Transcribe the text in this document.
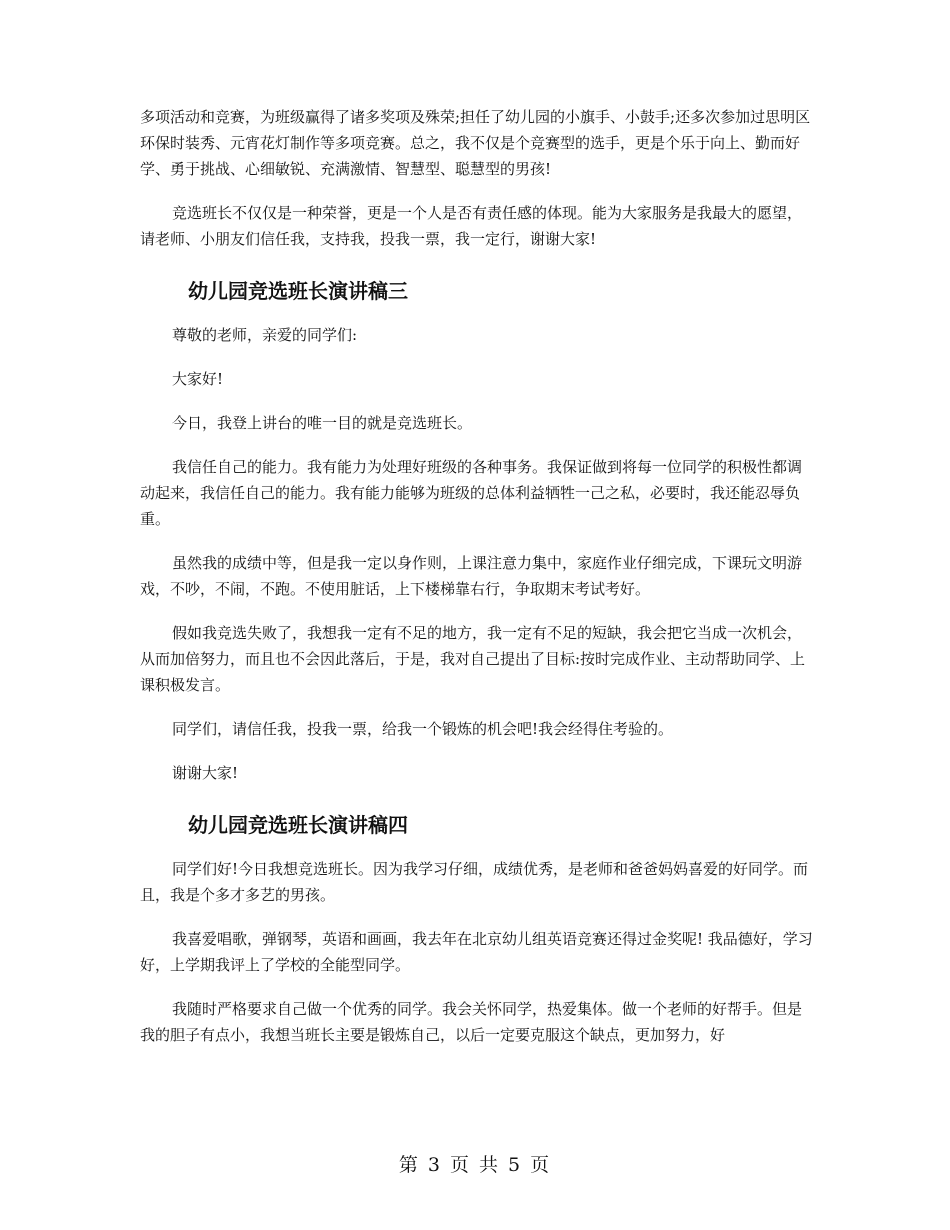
多项活动和竞赛，为班级赢得了诸多奖项及殊荣;担任了幼儿园的小旗手、小鼓手;还多次参加过思明区环保时装秀、元宵花灯制作等多项竞赛。总之，我不仅是个竞赛型的选手，更是个乐于向上、勤而好学、勇于挑战、心细敏锐、充满激情、智慧型、聪慧型的男孩!

竞选班长不仅仅是一种荣誉，更是一个人是否有责任感的体现。能为大家服务是我最大的愿望，请老师、小朋友们信任我，支持我，投我一票，我一定行，谢谢大家!

幼儿园竞选班长演讲稿三

尊敬的老师，亲爱的同学们:

大家好!

今日，我登上讲台的唯一目的就是竞选班长。

我信任自己的能力。我有能力为处理好班级的各种事务。我保证做到将每一位同学的积极性都调动起来，我信任自己的能力。我有能力能够为班级的总体利益牺牲一己之私，必要时，我还能忍辱负重。

虽然我的成绩中等，但是我一定以身作则，上课注意力集中，家庭作业仔细完成，下课玩文明游戏，不吵，不闹，不跑。不使用脏话，上下楼梯靠右行，争取期末考试考好。

假如我竞选失败了，我想我一定有不足的地方，我一定有不足的短缺，我会把它当成一次机会，从而加倍努力，而且也不会因此落后，于是，我对自己提出了目标:按时完成作业、主动帮助同学、上课积极发言。

同学们，请信任我，投我一票，给我一个锻炼的机会吧!我会经得住考验的。

谢谢大家!

幼儿园竞选班长演讲稿四

同学们好!今日我想竞选班长。因为我学习仔细，成绩优秀，是老师和爸爸妈妈喜爱的好同学。而且，我是个多才多艺的男孩。

我喜爱唱歌，弹钢琴，英语和画画，我去年在北京幼儿组英语竞赛还得过金奖呢! 我品德好，学习好，上学期我评上了学校的全能型同学。

我随时严格要求自己做一个优秀的同学。我会关怀同学，热爱集体。做一个老师的好帮手。但是我的胆子有点小，我想当班长主要是锻炼自己，以后一定要克服这个缺点，更加努力，好

第 3 页 共 5 页
